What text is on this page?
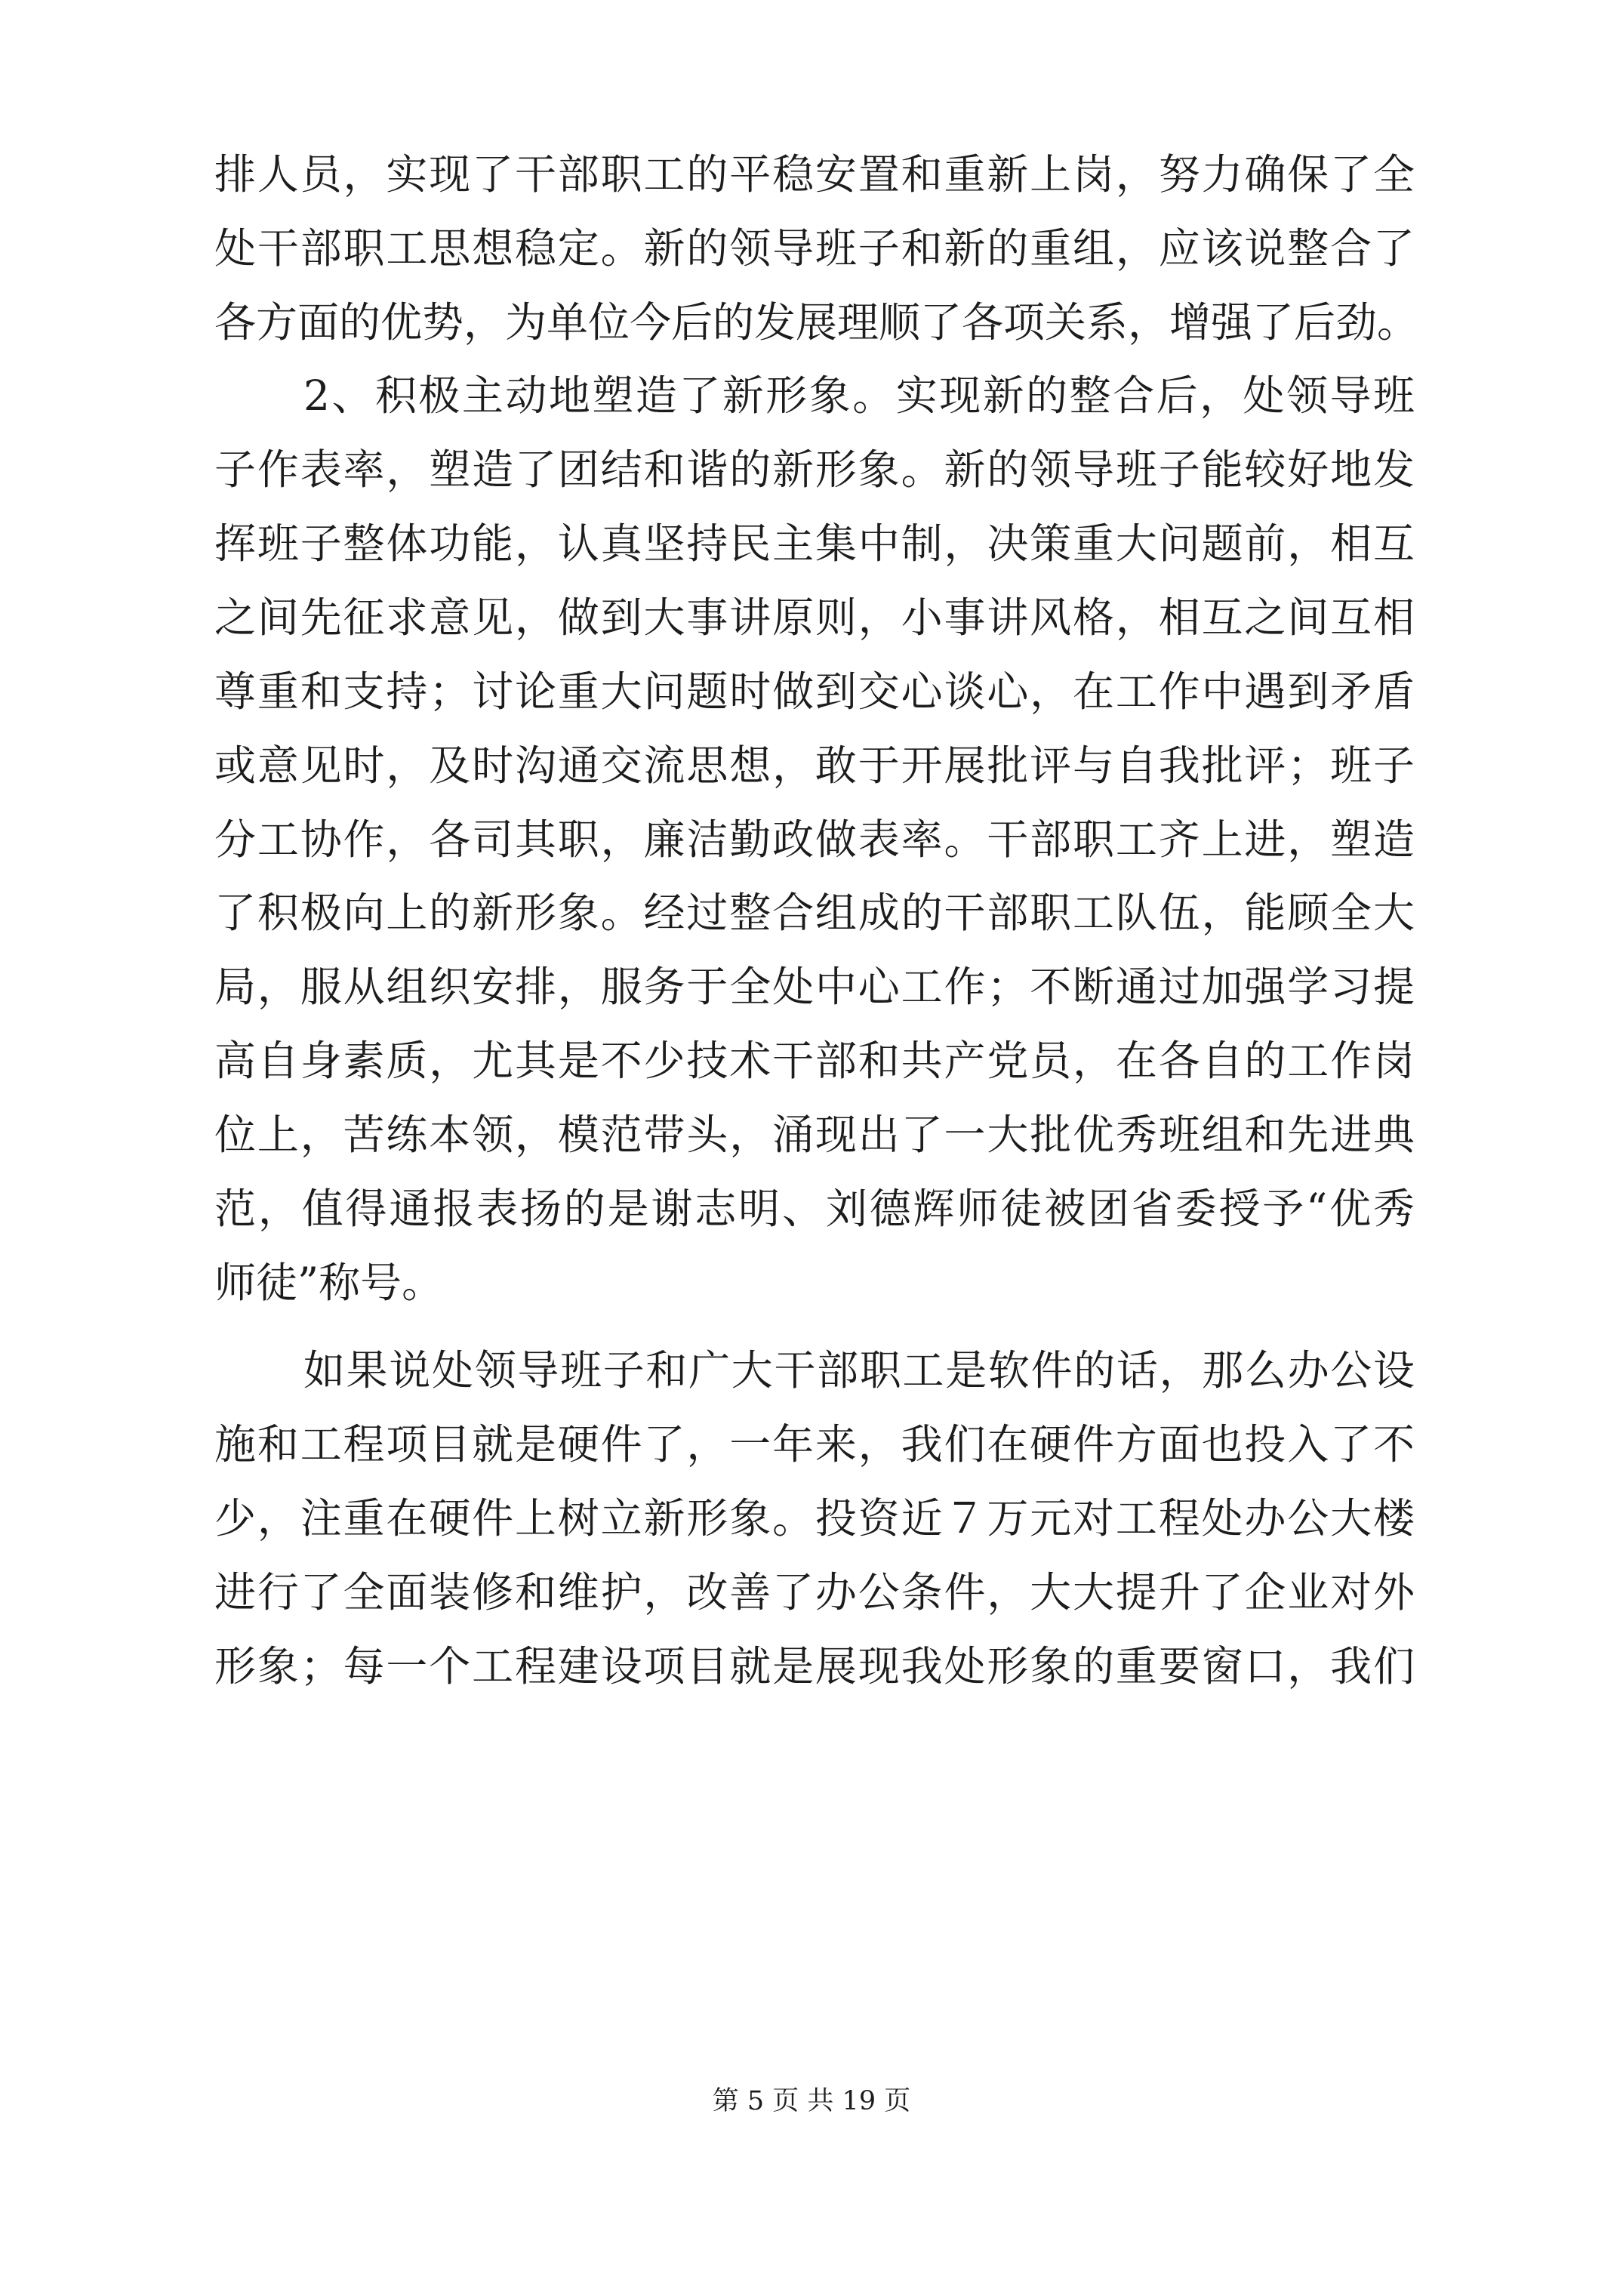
排人员，实现了干部职工的平稳安置和重新上岗，努力确保了全
处干部职工思想稳定。新的领导班子和新的重组，应该说整合了
各方面的优势，为单位今后的发展理顺了各项关系，增强了后劲。
2、积极主动地塑造了新形象。实现新的整合后，处领导班
子作表率，塑造了团结和谐的新形象。新的领导班子能较好地发
挥班子整体功能，认真坚持民主集中制，决策重大问题前，相互
之间先征求意见，做到大事讲原则，小事讲风格，相互之间互相
尊重和支持；讨论重大问题时做到交心谈心，在工作中遇到矛盾
或意见时，及时沟通交流思想，敢于开展批评与自我批评；班子
分工协作，各司其职，廉洁勤政做表率。干部职工齐上进，塑造
了积极向上的新形象。经过整合组成的干部职工队伍，能顾全大
局，服从组织安排，服务于全处中心工作；不断通过加强学习提
高自身素质，尤其是不少技术干部和共产党员，在各自的工作岗
位上，苦练本领，模范带头，涌现出了一大批优秀班组和先进典
范，值得通报表扬的是谢志明、刘德辉师徒被团省委授予“优秀
师徒”称号。
如果说处领导班子和广大干部职工是软件的话，那么办公设
施和工程项目就是硬件了，一年来，我们在硬件方面也投入了不
少，注重在硬件上树立新形象。投资近７万元对工程处办公大楼
进行了全面装修和维护，改善了办公条件，大大提升了企业对外
形象；每一个工程建设项目就是展现我处形象的重要窗口，我们
第 5 页 共 19 页
